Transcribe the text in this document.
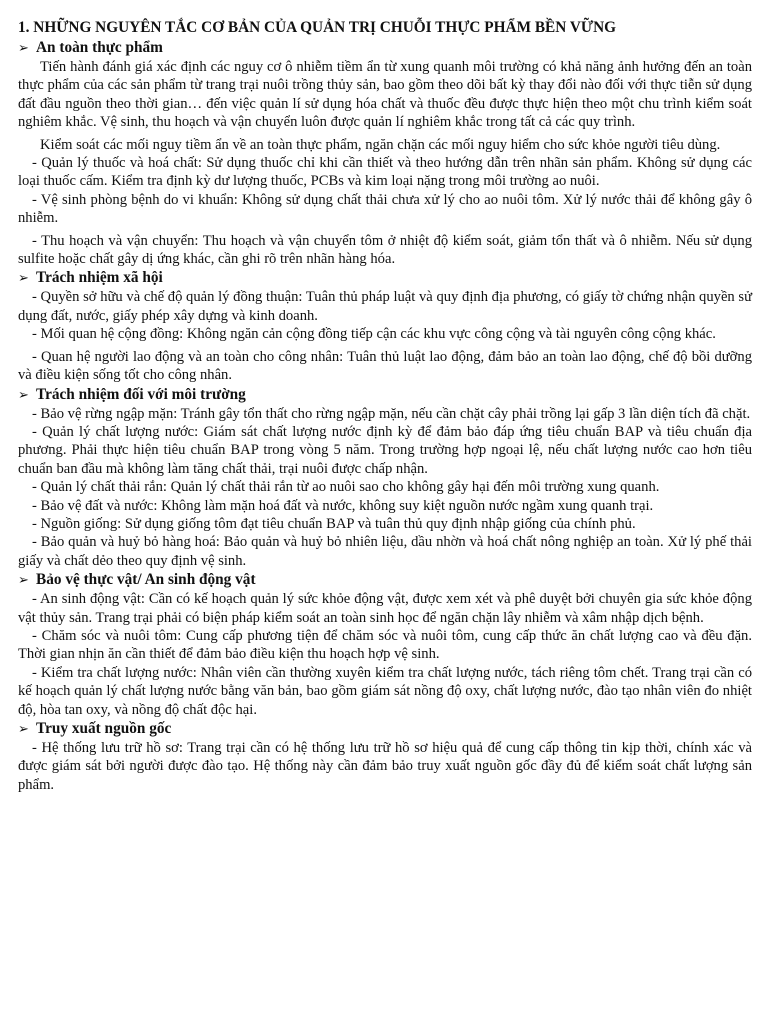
1. NHỮNG NGUYÊN TẮC CƠ BẢN CỦA QUẢN TRỊ CHUỖI THỰC PHẨM BỀN VỮNG
➢ An toàn thực phẩm

Tiến hành đánh giá xác định các nguy cơ ô nhiễm tiềm ẩn từ xung quanh môi trường có khả năng ảnh hưởng đến an toàn thực phẩm của các sản phẩm từ trang trại nuôi trồng thủy sản, bao gồm theo dõi bất kỳ thay đổi nào đối với thực tiễn sử dụng đất đầu nguồn theo thời gian… đến việc quản lí sử dụng hóa chất và thuốc đều được thực hiện theo một chu trình kiểm soát nghiêm khắc. Vệ sinh, thu hoạch và vận chuyển luôn được quản lí nghiêm khắc trong tất cả các quy trình.

Kiểm soát các mối nguy tiềm ẩn về an toàn thực phẩm, ngăn chặn các mối nguy hiểm cho sức khỏe người tiêu dùng.

- Quản lý thuốc và hoá chất: Sử dụng thuốc chỉ khi cần thiết và theo hướng dẫn trên nhãn sản phẩm. Không sử dụng các loại thuốc cấm. Kiểm tra định kỳ dư lượng thuốc, PCBs và kim loại nặng trong môi trường ao nuôi.

- Vệ sinh phòng bệnh do vi khuẩn: Không sử dụng chất thải chưa xử lý cho ao nuôi tôm. Xử lý nước thải để không gây ô nhiễm.

- Thu hoạch và vận chuyển: Thu hoạch và vận chuyển tôm ở nhiệt độ kiểm soát, giảm tổn thất và ô nhiễm. Nếu sử dụng sulfite hoặc chất gây dị ứng khác, cần ghi rõ trên nhãn hàng hóa.

➢ Trách nhiệm xã hội

- Quyền sở hữu và chế độ quản lý đồng thuận: Tuân thủ pháp luật và quy định địa phương, có giấy tờ chứng nhận quyền sử dụng đất, nước, giấy phép xây dựng và kinh doanh.

- Mối quan hệ cộng đồng: Không ngăn cản cộng đồng tiếp cận các khu vực công cộng và tài nguyên công cộng khác.

- Quan hệ người lao động và an toàn cho công nhân: Tuân thủ luật lao động, đảm bảo an toàn lao động, chế độ bồi dưỡng và điều kiện sống tốt cho công nhân.

➢ Trách nhiệm đối với môi trường

- Bảo vệ rừng ngập mặn: Tránh gây tổn thất cho rừng ngập mặn, nếu cần chặt cây phải trồng lại gấp 3 lần diện tích đã chặt.

- Quản lý chất lượng nước: Giám sát chất lượng nước định kỳ để đảm bảo đáp ứng tiêu chuẩn BAP và tiêu chuẩn địa phương. Phải thực hiện tiêu chuẩn BAP trong vòng 5 năm. Trong trường hợp ngoại lệ, nếu chất lượng nước cao hơn tiêu chuẩn ban đầu mà không làm tăng chất thải, trại nuôi được chấp nhận.

- Quản lý chất thải rắn: Quản lý chất thải rắn từ ao nuôi sao cho không gây hại đến môi trường xung quanh.

- Bảo vệ đất và nước: Không làm mặn hoá đất và nước, không suy kiệt nguồn nước ngầm xung quanh trại.

- Nguồn giống: Sử dụng giống tôm đạt tiêu chuẩn BAP và tuân thủ quy định nhập giống của chính phủ.

- Bảo quản và huỷ bỏ hàng hoá: Bảo quản và huỷ bỏ nhiên liệu, dầu nhờn và hoá chất nông nghiệp an toàn. Xử lý phế thải giấy và chất dẻo theo quy định vệ sinh.

➢ Bảo vệ thực vật/ An sinh động vật

- An sinh động vật: Cần có kế hoạch quản lý sức khỏe động vật, được xem xét và phê duyệt bởi chuyên gia sức khỏe động vật thủy sản. Trang trại phải có biện pháp kiểm soát an toàn sinh học để ngăn chặn lây nhiễm và xâm nhập dịch bệnh.

- Chăm sóc và nuôi tôm: Cung cấp phương tiện để chăm sóc và nuôi tôm, cung cấp thức ăn chất lượng cao và đều đặn. Thời gian nhịn ăn cần thiết để đảm bảo điều kiện thu hoạch hợp vệ sinh.

- Kiểm tra chất lượng nước: Nhân viên cần thường xuyên kiểm tra chất lượng nước, tách riêng tôm chết. Trang trại cần có kế hoạch quản lý chất lượng nước bằng văn bản, bao gồm giám sát nồng độ oxy, chất lượng nước, đào tạo nhân viên đo nhiệt độ, hòa tan oxy, và nồng độ chất độc hại.

➢ Truy xuất nguồn gốc

- Hệ thống lưu trữ hồ sơ: Trang trại cần có hệ thống lưu trữ hồ sơ hiệu quả để cung cấp thông tin kịp thời, chính xác và được giám sát bởi người được đào tạo. Hệ thống này cần đảm bảo truy xuất nguồn gốc đầy đủ để kiểm soát chất lượng sản phẩm.
